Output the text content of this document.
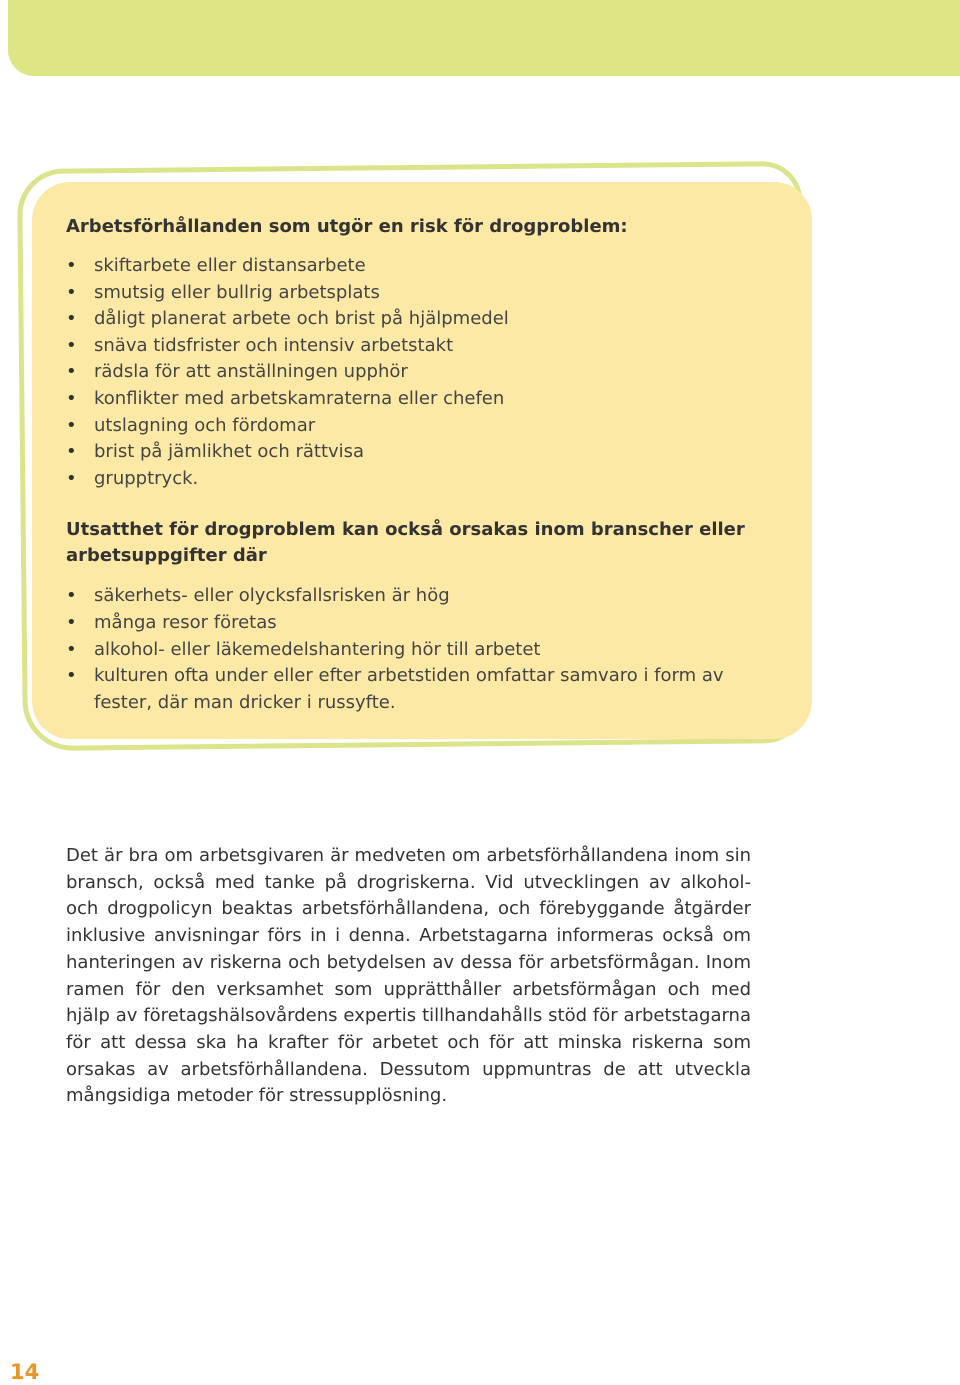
Arbetsförhållanden som utgör en risk för drogproblem:
• skiftarbete eller distansarbete
• smutsig eller bullrig arbetsplats
• dåligt planerat arbete och brist på hjälpmedel
• snäva tidsfrister och intensiv arbetstakt
• rädsla för att anställningen upphör
• konflikter med arbetskamraterna eller chefen
• utslagning och fördomar
• brist på jämlikhet och rättvisa
• grupptryck.
Utsatthet för drogproblem kan också orsakas inom branscher eller arbetsuppgifter där
• säkerhets- eller olycksfallsrisken är hög
• många resor företas
• alkohol- eller läkemedelshantering hör till arbetet
• kulturen ofta under eller efter arbetstiden omfattar samvaro i form av fester, där man dricker i russyfte.

Det är bra om arbetsgivaren är medveten om arbetsförhållandena inom sin bransch, också med tanke på drogriskerna. Vid utvecklingen av alkohol- och drogpolicyn beaktas arbetsförhållandena, och förebyggande åtgärder inklusive anvisningar förs in i denna. Arbetstagarna informeras också om hanteringen av riskerna och betydelsen av dessa för arbetsförmågan. Inom ramen för den verksamhet som upprätthåller arbetsförmågan och med hjälp av företagshälsovårdens expertis tillhandahålls stöd för arbetstagarna för att dessa ska ha krafter för arbetet och för att minska riskerna som orsakas av arbetsförhållandena. Dessutom uppmuntras de att utveckla mångsidiga metoder för stressupplösning.

14
